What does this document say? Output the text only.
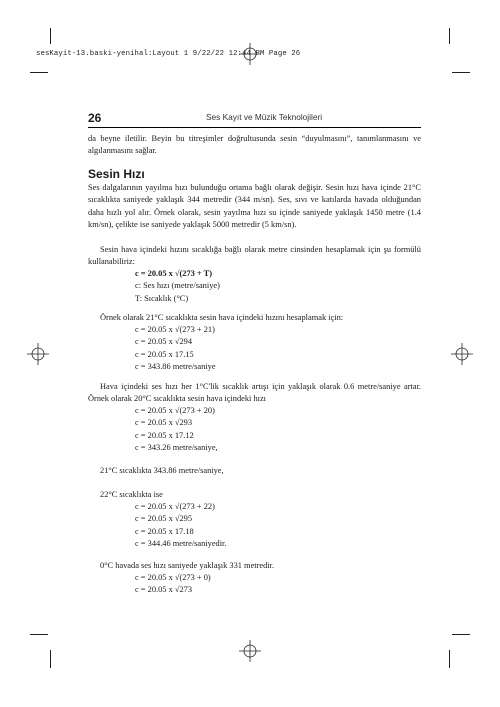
sesKayit-13.baski-yenihal:Layout 1 9/22/22 12:44 PM Page 26
26	Ses Kayıt ve Müzik Teknolojileri
da beyne iletilir. Beyin bu titreşimler doğrultusunda sesin “duyulmasını”, tanımlanmasını ve algılanmasını sağlar.
Sesin Hızı
Ses dalgalarının yayılma hızı bulunduğu ortama bağlı olarak değişir. Sesin hızı hava içinde 21°C sıcaklıkta saniyede yaklaşık 344 metredir (344 m/sn). Ses, sıvı ve katılarda havada olduğundan daha hızlı yol alır. Örnek olarak, sesin yayılma hızı su içinde saniyede yaklaşık 1450 metre (1.4 km/sn), çelikte ise saniyede yaklaşık 5000 metredir (5 km/sn).
Sesin hava içindeki hızını sıcaklığa bağlı olarak metre cinsinden hesaplamak için şu formülü kullanabiliriz:
c = 20.05 x √(273 + T)
c: Ses hızı (metre/saniye)
T: Sıcaklık (°C)
Örnek olarak 21°C sıcaklıkta sesin hava içindeki hızını hesaplamak için:
c = 20.05 x √(273 + 21)
c = 20.05 x √294
c = 20.05 x 17.15
c = 343.86 metre/saniye
Hava içindeki ses hızı her 1°C'lik sıcaklık artışı için yaklaşık olarak 0.6 metre/saniye artar. Örnek olarak 20°C sıcaklıkta sesin hava içindeki hızı
c = 20.05 x √(273 + 20)
c = 20.05 x √293
c = 20.05 x 17.12
c = 343.26 metre/saniye,
21°C sıcaklıkta 343.86 metre/saniye,
22°C sıcaklıkta ise
c = 20.05 x √(273 + 22)
c = 20.05 x √295
c = 20.05 x 17.18
c = 344.46 metre/saniyedir.
0°C havada ses hızı saniyede yaklaşık 331 metredir.
c = 20.05 x √(273 + 0)
c = 20.05 x √273
